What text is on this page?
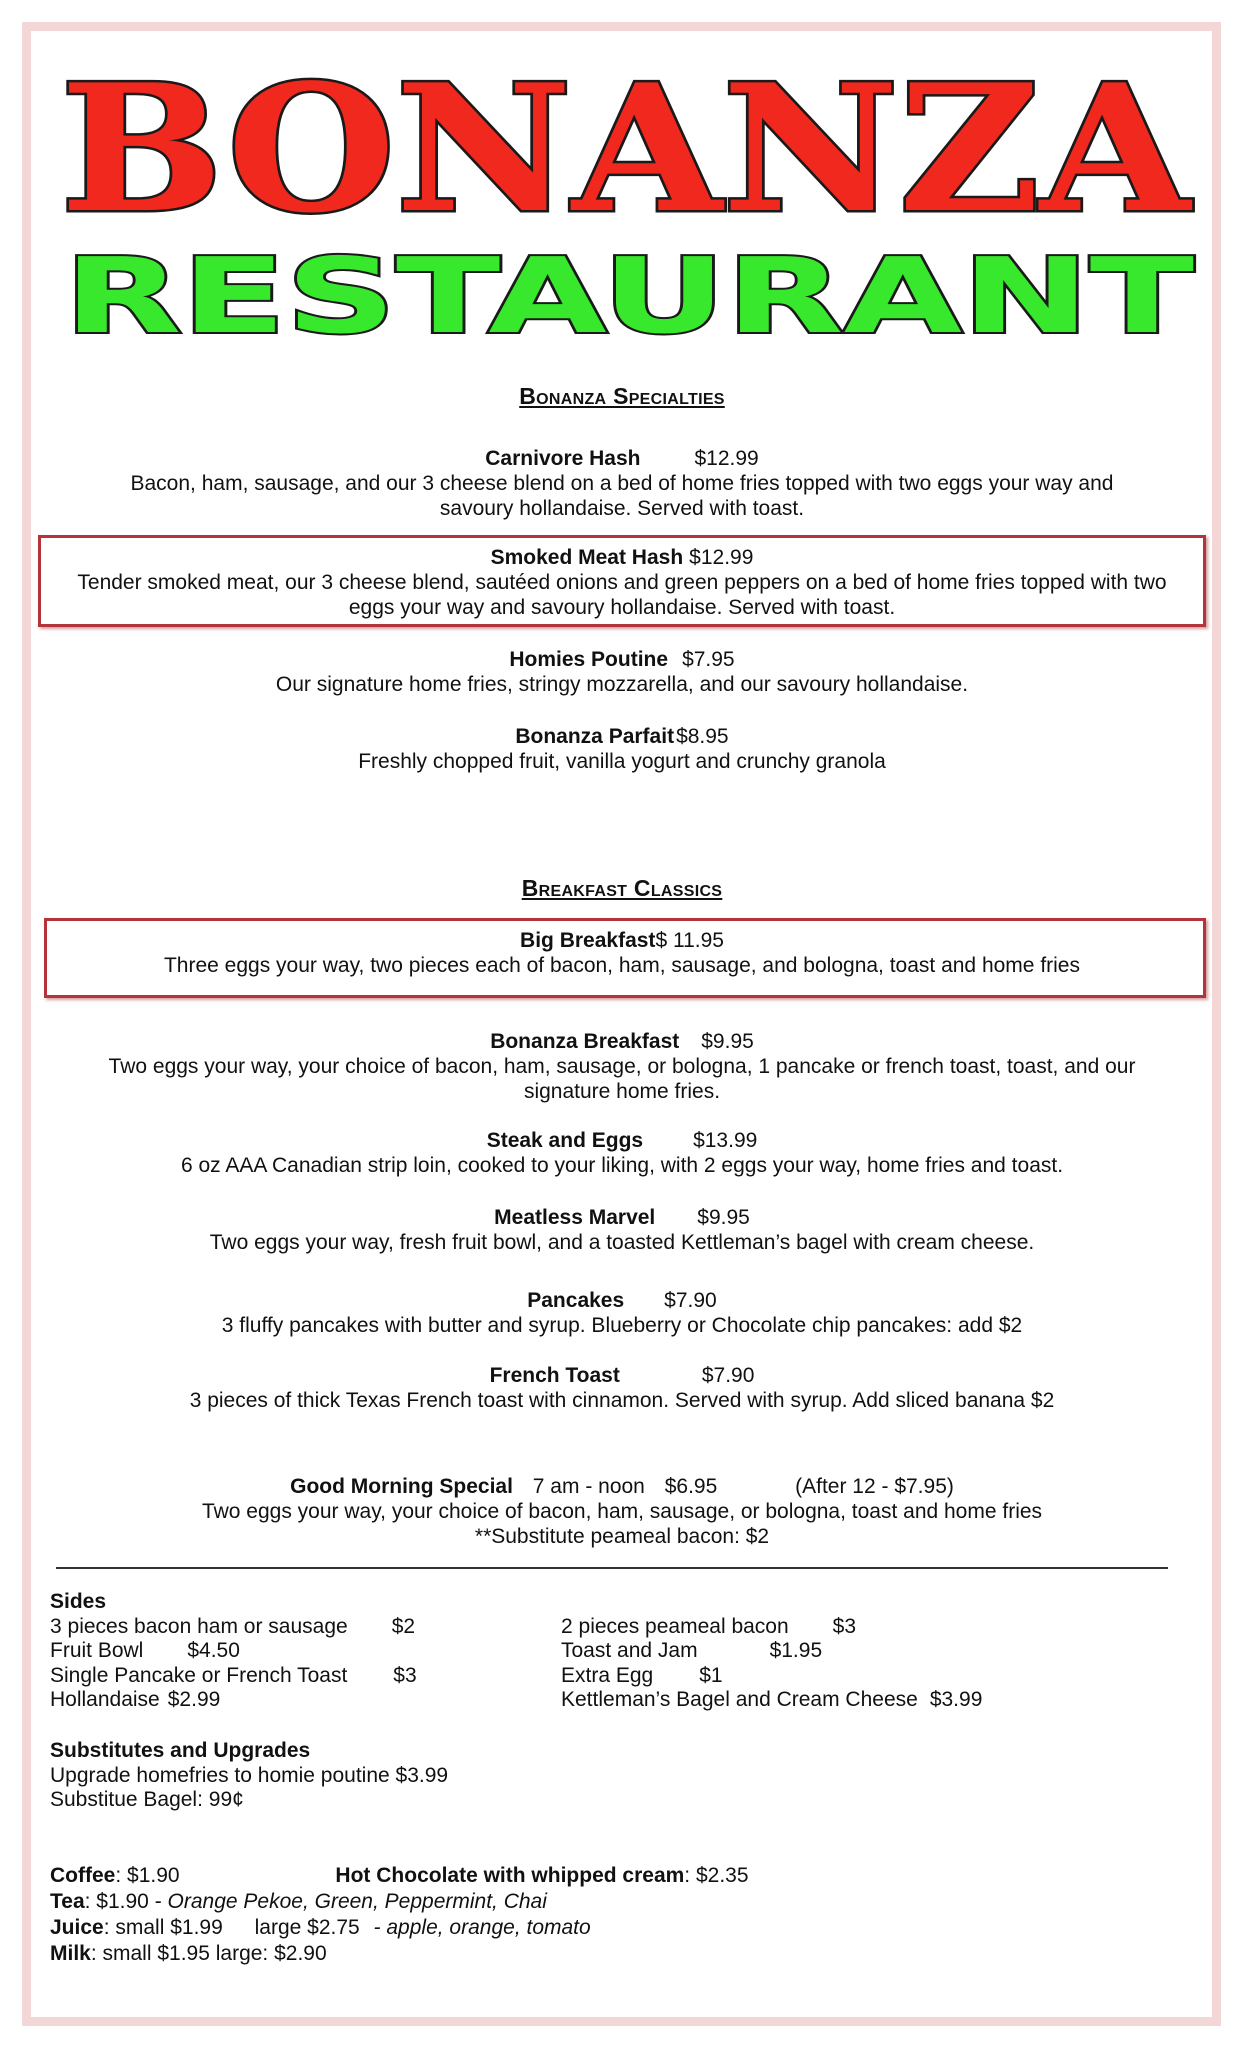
BONANZA
RESTAURANT
Bonanza Specialties
Carnivore Hash	$12.99
Bacon, ham, sausage, and our 3 cheese blend on a bed of home fries topped with two eggs your way and savoury hollandaise. Served with toast.
Smoked Meat Hash $12.99
Tender smoked meat, our 3 cheese blend, sautéed onions and green peppers on a bed of home fries topped with two eggs your way and savoury hollandaise. Served with toast.
Homies Poutine $7.95
Our signature home fries, stringy mozzarella, and our savoury hollandaise.
Bonanza Parfait$8.95
Freshly chopped fruit, vanilla yogurt and crunchy granola
Breakfast Classics
Big Breakfast$ 11.95
Three eggs your way, two pieces each of bacon, ham, sausage, and bologna, toast and home fries
Bonanza Breakfast $9.95
Two eggs your way, your choice of bacon, ham, sausage, or bologna, 1 pancake or french toast, toast, and our signature home fries.
Steak and Eggs $13.99
6 oz AAA Canadian strip loin, cooked to your liking, with 2 eggs your way, home fries and toast.
Meatless Marvel $9.95
Two eggs your way, fresh fruit bowl, and a toasted Kettleman’s bagel with cream cheese.
Pancakes $7.90
3 fluffy pancakes with butter and syrup. Blueberry or Chocolate chip pancakes: add $2
French Toast	$7.90
3 pieces of thick Texas French toast with cinnamon. Served with syrup. Add sliced banana $2
Good Morning Special 7 am - noon $6.95	(After 12 - $7.95)
Two eggs your way, your choice of bacon, ham, sausage, or bologna, toast and home fries
**Substitute peameal bacon: $2
Sides
3 pieces bacon ham or sausage $2
Fruit Bowl $4.50
Single Pancake or French Toast $3
Hollandaise $2.99
2 pieces peameal bacon $3
Toast and Jam	$1.95
Extra Egg $1
Kettleman’s Bagel and Cream Cheese $3.99
Substitutes and Upgrades
Upgrade homefries to homie poutine $3.99
Substitue Bagel: 99¢
Coffee: $1.90	Hot Chocolate with whipped cream: $2.35
Tea: $1.90 - Orange Pekoe, Green, Peppermint, Chai
Juice: small $1.99 large $2.75 - apple, orange, tomato
Milk: small $1.95 large: $2.90
